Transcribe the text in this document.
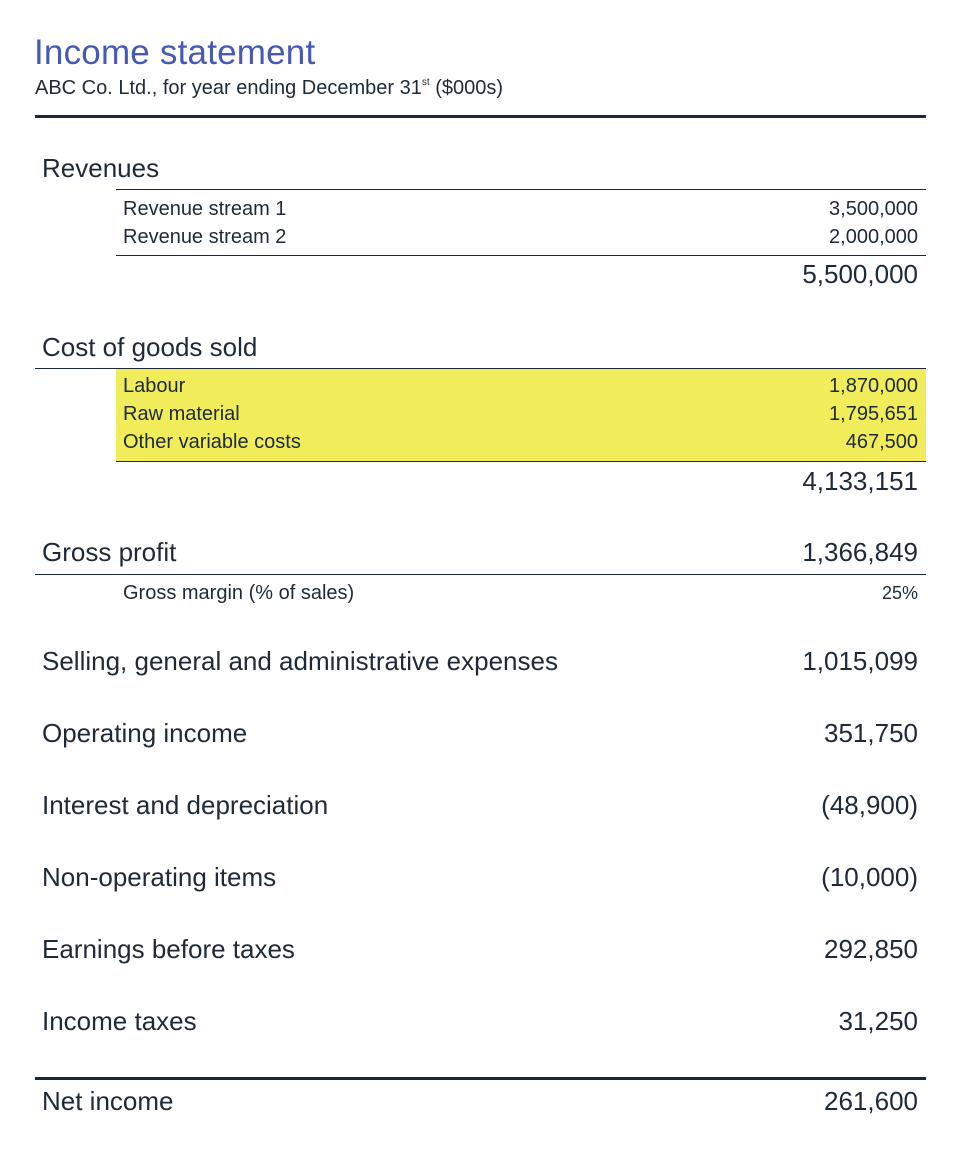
Income statement
ABC Co. Ltd., for year ending December 31st ($000s)
Revenues
Revenue stream 1	3,500,000
Revenue stream 2	2,000,000
5,500,000
Cost of goods sold
Labour	1,870,000
Raw material	1,795,651
Other variable costs	467,500
4,133,151
Gross profit	1,366,849
Gross margin (% of sales)	25%
Selling, general and administrative expenses	1,015,099
Operating income	351,750
Interest and depreciation	(48,900)
Non-operating items	(10,000)
Earnings before taxes	292,850
Income taxes	31,250
Net income	261,600
